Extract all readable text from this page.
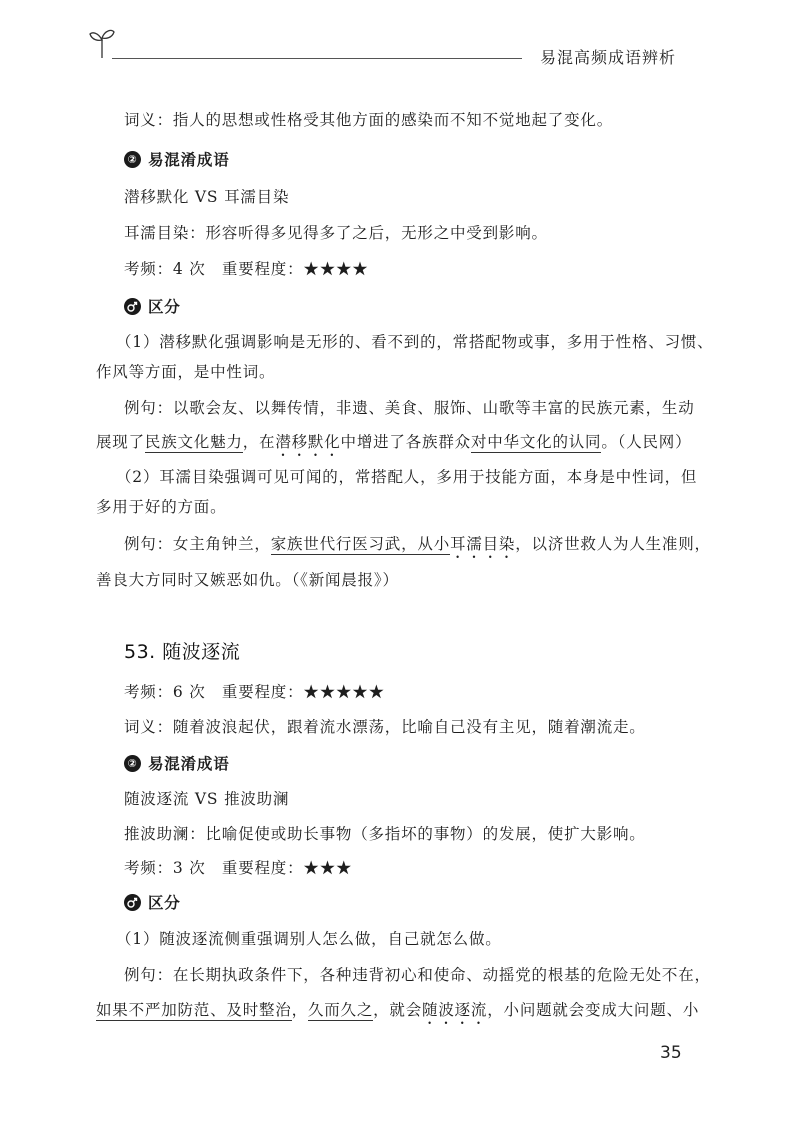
易混高频成语辨析
词义：指人的思想或性格受其他方面的感染而不知不觉地起了变化。
② 易混淆成语
潜移默化 VS 耳濡目染
耳濡目染：形容听得多见得多了之后，无形之中受到影响。
考频：4 次　重要程度：★★★★
区分
（1）潜移默化强调影响是无形的、看不到的，常搭配物或事，多用于性格、习惯、
作风等方面，是中性词。
例句：以歌会友、以舞传情，非遗、美食、服饰、山歌等丰富的民族元素，生动
展现了民族文化魅力，在潜移默化中增进了各族群众对中华文化的认同。（人民网）
（2）耳濡目染强调可见可闻的，常搭配人，多用于技能方面，本身是中性词，但
多用于好的方面。
例句：女主角钟兰，家族世代行医习武，从小耳濡目染，以济世救人为人生准则，
善良大方同时又嫉恶如仇。（《新闻晨报》）
53. 随波逐流
考频：6 次　重要程度：★★★★★
词义：随着波浪起伏，跟着流水漂荡，比喻自己没有主见，随着潮流走。
② 易混淆成语
随波逐流 VS 推波助澜
推波助澜：比喻促使或助长事物（多指坏的事物）的发展，使扩大影响。
考频：3 次　重要程度：★★★
区分
（1）随波逐流侧重强调别人怎么做，自己就怎么做。
例句：在长期执政条件下，各种违背初心和使命、动摇党的根基的危险无处不在，
如果不严加防范、及时整治，久而久之，就会随波逐流，小问题就会变成大问题、小
35
